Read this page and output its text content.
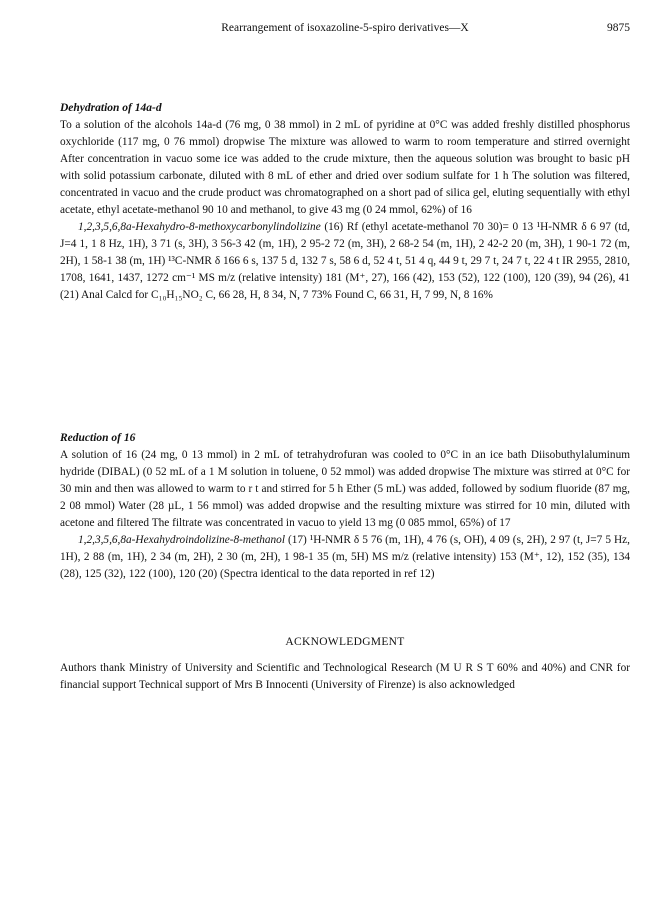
Rearrangement of isoxazoline-5-spiro derivatives—X	9875
Dehydration of 14a-d

To a solution of the alcohols 14a-d (76 mg, 0 38 mmol) in 2 mL of pyridine at 0°C was added freshly distilled phosphorus oxychloride (117 mg, 0 76 mmol) dropwise The mixture was allowed to warm to room temperature and stirred overnight After concentration in vacuo some ice was added to the crude mixture, then the aqueous solution was brought to basic pH with solid potassium carbonate, diluted with 8 mL of ether and dried over sodium sulfate for 1 h The solution was filtered, concentrated in vacuo and the crude product was chromatographed on a short pad of silica gel, eluting sequentially with ethyl acetate, ethyl acetate-methanol 90 10 and methanol, to give 43 mg (0 24 mmol, 62%) of 16

1,2,3,5,6,8a-Hexahydro-8-methoxycarbonylindolizine (16) Rf (ethyl acetate-methanol 70 30)= 0 13 ¹H-NMR δ 6 97 (td, J=4 1, 1 8 Hz, 1H), 3 71 (s, 3H), 3 56-3 42 (m, 1H), 2 95-2 72 (m, 3H), 2 68-2 54 (m, 1H), 2 42-2 20 (m, 3H), 1 90-1 72 (m, 2H), 1 58-1 38 (m, 1H) ¹³C-NMR δ 166 6 s, 137 5 d, 132 7 s, 58 6 d, 52 4 t, 51 4 q, 44 9 t, 29 7 t, 24 7 t, 22 4 t IR 2955, 2810, 1708, 1641, 1437, 1272 cm⁻¹ MS m/z (relative intensity) 181 (M⁺, 27), 166 (42), 153 (52), 122 (100), 120 (39), 94 (26), 41 (21) Anal Calcd for C₁₀H₁₅NO₂ C, 66 28, H, 8 34, N, 7 73% Found C, 66 31, H, 7 99, N, 8 16%

Reduction of 16

A solution of 16 (24 mg, 0 13 mmol) in 2 mL of tetrahydrofuran was cooled to 0°C in an ice bath Diisobuthylaluminum hydride (DIBAL) (0 52 mL of a 1 M solution in toluene, 0 52 mmol) was added dropwise The mixture was stirred at 0°C for 30 min and then was allowed to warm to r t and stirred for 5 h Ether (5 mL) was added, followed by sodium fluoride (87 mg, 2 08 mmol) Water (28 µL, 1 56 mmol) was added dropwise and the resulting mixture was stirred for 10 min, diluted with acetone and filtered The filtrate was concentrated in vacuo to yield 13 mg (0 085 mmol, 65%) of 17

1,2,3,5,6,8a-Hexahydroindolizine-8-methanol (17) ¹H-NMR δ 5 76 (m, 1H), 4 76 (s, OH), 4 09 (s, 2H), 2 97 (t, J=7 5 Hz, 1H), 2 88 (m, 1H), 2 34 (m, 2H), 2 30 (m, 2H), 1 98-1 35 (m, 5H) MS m/z (relative intensity) 153 (M⁺, 12), 152 (35), 134 (28), 125 (32), 122 (100), 120 (20) (Spectra identical to the data reported in ref 12)

ACKNOWLEDGMENT

Authors thank Ministry of University and Scientific and Technological Research (M U R S T 60% and 40%) and CNR for financial support Technical support of Mrs B Innocenti (University of Firenze) is also acknowledged
